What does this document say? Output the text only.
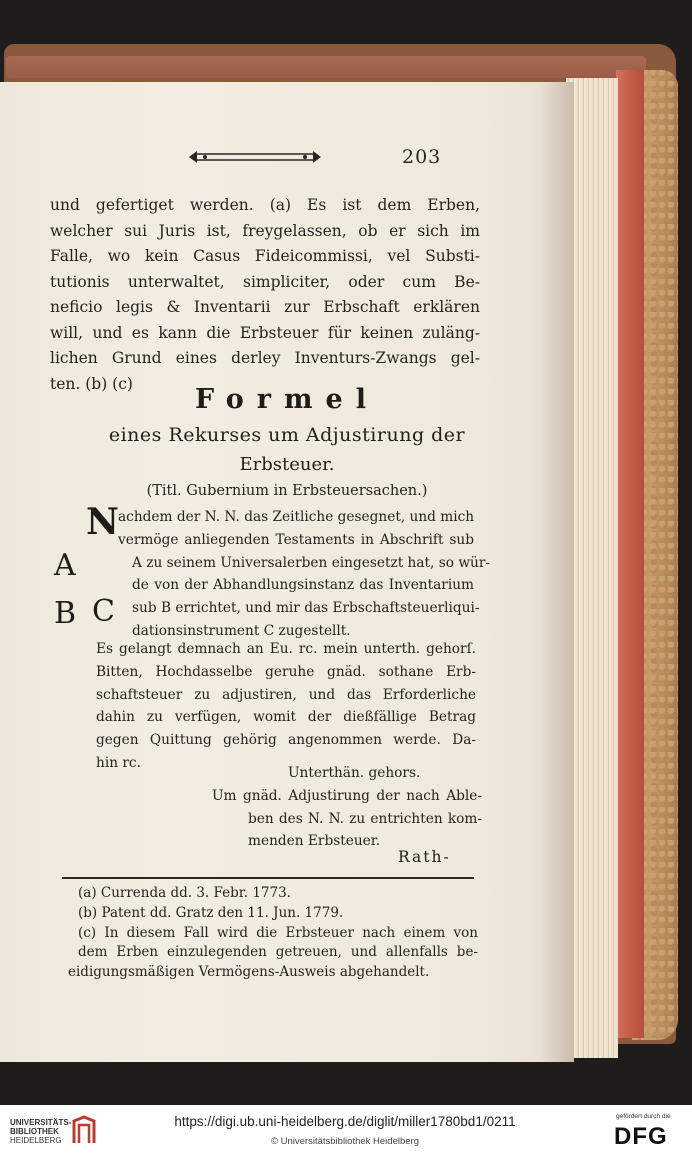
203
und gefertiget werden. (a) Es ist dem Erben,
welcher sui Juris ist, freygelassen, ob er sich im
Falle, wo kein Casus Fideicommissi, vel Substi-
tutionis unterwaltet, simpliciter, oder cum Be-
neficio legis & Inventarii zur Erbschaft erklären
will, und es kann die Erbsteuer für keinen zuläng-
lichen Grund eines derley Inventurs-Zwangs gel-
ten. (b) (c)
Formel
eines Rekurses um Adjustirung der
Erbsteuer.
(Titl. Gubernium in Erbsteuersachen.)
N achdem der N. N. das Zeitliche gesegnet, und mich
vermöge anliegenden Testaments in Abschrift sub
A zu seinem Universalerben eingesetzt hat, so wür-
de von der Abhandlungsinstanz das Inventarium
sub B errichtet, und mir das Erbschaftsteuerliqui-
dationsinstrument C zugestellt.
A
B C
Es gelangt demnach an Eu. rc. mein unterth. gehorſ.
Bitten, Hochdasselbe geruhe gnäd. sothane Erb-
schaftsteuer zu adjustiren, und das Erforderliche
dahin zu verfügen, womit der dießfällige Betrag
gegen Quittung gehörig angenommen werde. Da-
hin rc.
Unterthän. gehors.
Um gnäd. Adjustirung der nach Able-
ben des N. N. zu entrichten kom-
menden Erbsteuer.
Rath-
(a) Currenda dd. 3. Febr. 1773.
(b) Patent dd. Gratz den 11. Jun. 1779.
(c) In diesem Fall wird die Erbsteuer nach einem von
dem Erben einzulegenden getreuen, und allenfalls be-
eidigungsmäßigen Vermögens-Ausweis abgehandelt.
UNIVERSITÄTS-
BIBLIOTHEK
HEIDELBERG
https://digi.ub.uni-heidelberg.de/diglit/miller1780bd1/0211
© Universitätsbibliothek Heidelberg
gefördert durch die
DFG
